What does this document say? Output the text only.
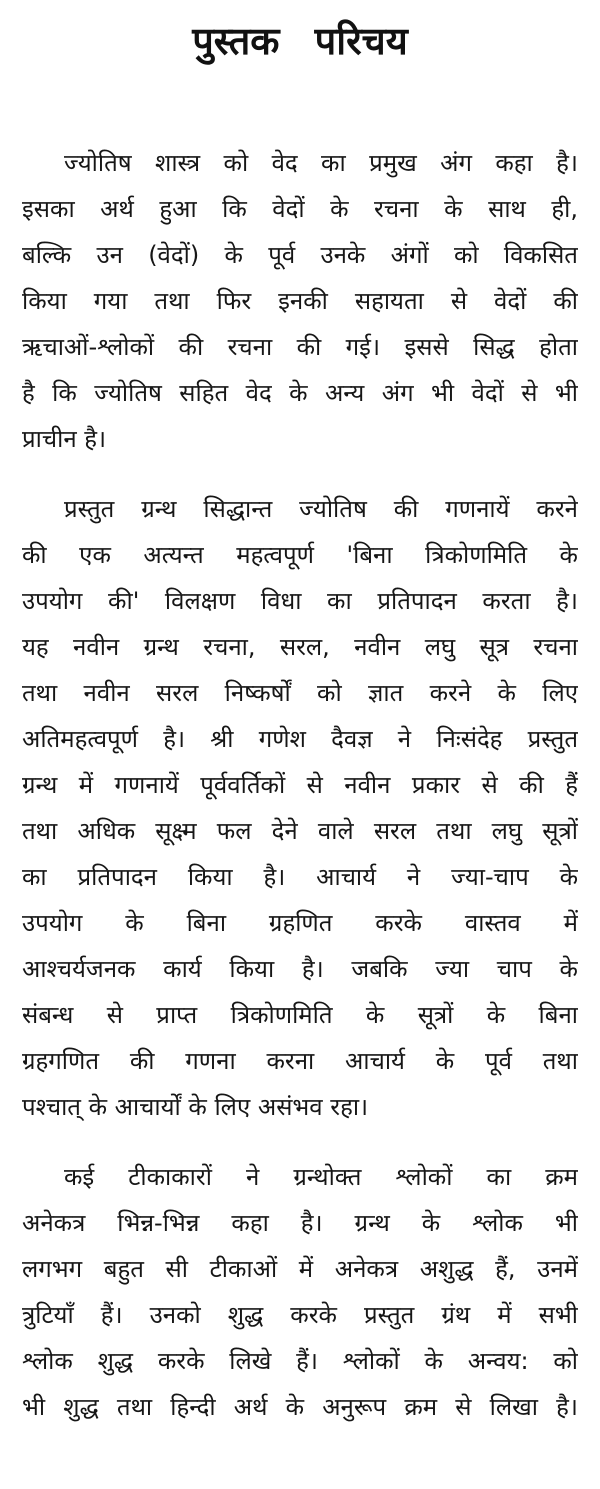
पुस्तक परिचय
ज्योतिष शास्त्र को वेद का प्रमुख अंग कहा है।
इसका अर्थ हुआ कि वेदों के रचना के साथ ही,
बल्कि उन (वेदों) के पूर्व उनके अंगों को विकसित
किया गया तथा फिर इनकी सहायता से वेदों की
ऋचाओं-श्लोकों की रचना की गई। इससे सिद्ध होता
है कि ज्योतिष सहित वेद के अन्य अंग भी वेदों से भी
प्राचीन है।
प्रस्तुत ग्रन्थ सिद्धान्त ज्योतिष की गणनायें करने
की एक अत्यन्त महत्वपूर्ण 'बिना त्रिकोणमिति के
उपयोग की' विलक्षण विधा का प्रतिपादन करता है।
यह नवीन ग्रन्थ रचना, सरल, नवीन लघु सूत्र रचना
तथा नवीन सरल निष्कर्षों को ज्ञात करने के लिए
अतिमहत्वपूर्ण है। श्री गणेश दैवज्ञ ने निःसंदेह प्रस्तुत
ग्रन्थ में गणनायें पूर्ववर्तिकों से नवीन प्रकार से की हैं
तथा अधिक सूक्ष्म फल देने वाले सरल तथा लघु सूत्रों
का प्रतिपादन किया है। आचार्य ने ज्या-चाप के
उपयोग के बिना ग्रहणित करके वास्तव में
आश्चर्यजनक कार्य किया है। जबकि ज्या चाप के
संबन्ध से प्राप्त त्रिकोणमिति के सूत्रों के बिना
ग्रहगणित की गणना करना आचार्य के पूर्व तथा
पश्चात् के आचार्यों के लिए असंभव रहा।
कई टीकाकारों ने ग्रन्थोक्त श्लोकों का क्रम
अनेकत्र भिन्न-भिन्न कहा है। ग्रन्थ के श्लोक भी
लगभग बहुत सी टीकाओं में अनेकत्र अशुद्ध हैं, उनमें
त्रुटियाँ हैं। उनको शुद्ध करके प्रस्तुत ग्रंथ में सभी
श्लोक शुद्ध करके लिखे हैं। श्लोकों के अन्वय: को
भी शुद्ध तथा हिन्दी अर्थ के अनुरूप क्रम से लिखा है।
